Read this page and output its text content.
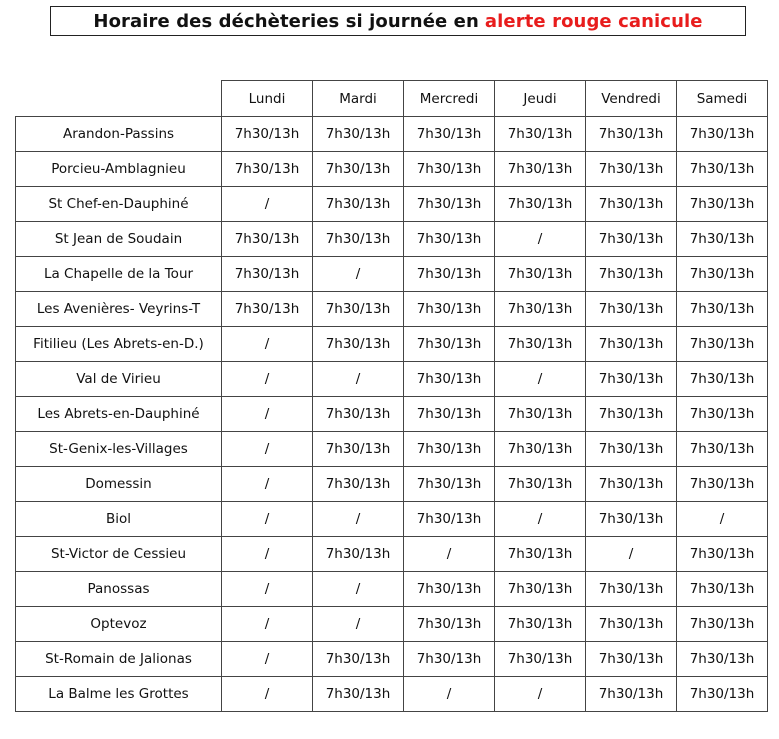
Horaire des déchèteries si journée en alerte rouge canicule
	Lundi	Mardi	Mercredi	Jeudi	Vendredi	Samedi
Arandon-Passins	7h30/13h	7h30/13h	7h30/13h	7h30/13h	7h30/13h	7h30/13h
Porcieu-Amblagnieu	7h30/13h	7h30/13h	7h30/13h	7h30/13h	7h30/13h	7h30/13h
St Chef-en-Dauphiné	/	7h30/13h	7h30/13h	7h30/13h	7h30/13h	7h30/13h
St Jean de Soudain	7h30/13h	7h30/13h	7h30/13h	/	7h30/13h	7h30/13h
La Chapelle de la Tour	7h30/13h	/	7h30/13h	7h30/13h	7h30/13h	7h30/13h
Les Avenières- Veyrins-T	7h30/13h	7h30/13h	7h30/13h	7h30/13h	7h30/13h	7h30/13h
Fitilieu (Les Abrets-en-D.)	/	7h30/13h	7h30/13h	7h30/13h	7h30/13h	7h30/13h
Val de Virieu	/	/	7h30/13h	/	7h30/13h	7h30/13h
Les Abrets-en-Dauphiné	/	7h30/13h	7h30/13h	7h30/13h	7h30/13h	7h30/13h
St-Genix-les-Villages	/	7h30/13h	7h30/13h	7h30/13h	7h30/13h	7h30/13h
Domessin	/	7h30/13h	7h30/13h	7h30/13h	7h30/13h	7h30/13h
Biol	/	/	7h30/13h	/	7h30/13h	/
St-Victor de Cessieu	/	7h30/13h	/	7h30/13h	/	7h30/13h
Panossas	/	/	7h30/13h	7h30/13h	7h30/13h	7h30/13h
Optevoz	/	/	7h30/13h	7h30/13h	7h30/13h	7h30/13h
St-Romain de Jalionas	/	7h30/13h	7h30/13h	7h30/13h	7h30/13h	7h30/13h
La Balme les Grottes	/	7h30/13h	/	/	7h30/13h	7h30/13h
